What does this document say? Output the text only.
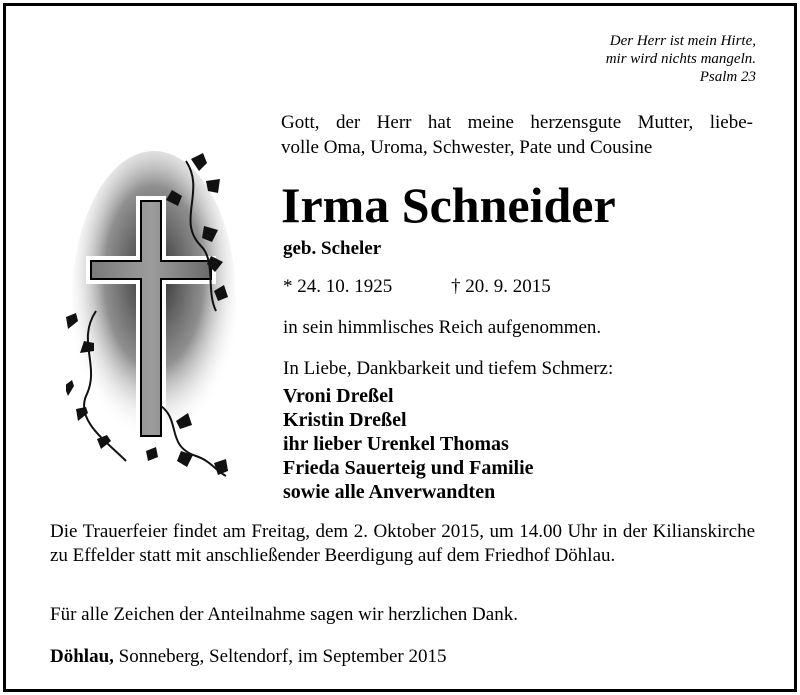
Der Herr ist mein Hirte,
mir wird nichts mangeln.
Psalm 23
Gott, der Herr hat meine herzensgute Mutter, liebe-
volle Oma, Uroma, Schwester, Pate und Cousine
Irma Schneider
geb. Scheler
* 24. 10. 1925	† 20. 9. 2015
in sein himmlisches Reich aufgenommen.
In Liebe, Dankbarkeit und tiefem Schmerz:
Vroni Dreßel
Kristin Dreßel
ihr lieber Urenkel Thomas
Frieda Sauerteig und Familie
sowie alle Anverwandten
Die Trauerfeier findet am Freitag, dem 2. Oktober 2015, um 14.00 Uhr in der Kilianskirche zu Effelder statt mit anschließender Beerdigung auf dem Friedhof Döhlau.
Für alle Zeichen der Anteilnahme sagen wir herzlichen Dank.
Döhlau, Sonneberg, Seltendorf, im September 2015
